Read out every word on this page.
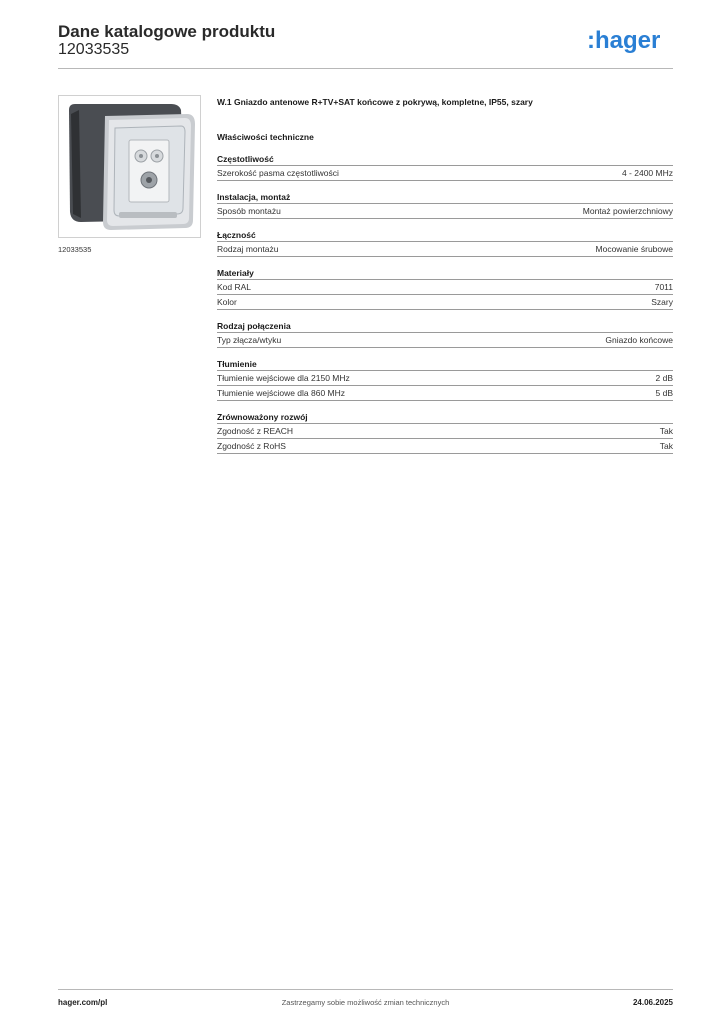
Dane katalogowe produktu
12033535	:hager
12033535
W.1 Gniazdo antenowe R+TV+SAT końcowe z pokrywą, kompletne, IP55, szary
Właściwości techniczne
Częstotliwość
Szerokość pasma częstotliwości	4 - 2400 MHz
Instalacja, montaż
Sposób montażu	Montaż powierzchniowy
Łączność
Rodzaj montażu	Mocowanie śrubowe
Materiały
Kod RAL	7011
Kolor	Szary
Rodzaj połączenia
Typ złącza/wtyku	Gniazdo końcowe
Tłumienie
Tłumienie wejściowe dla 2150 MHz	2 dB
Tłumienie wejściowe dla 860 MHz	5 dB
Zrównoważony rozwój
Zgodność z REACH	Tak
Zgodność z RoHS	Tak
hager.com/pl	Zastrzegamy sobie możliwość zmian technicznych	24.06.2025
